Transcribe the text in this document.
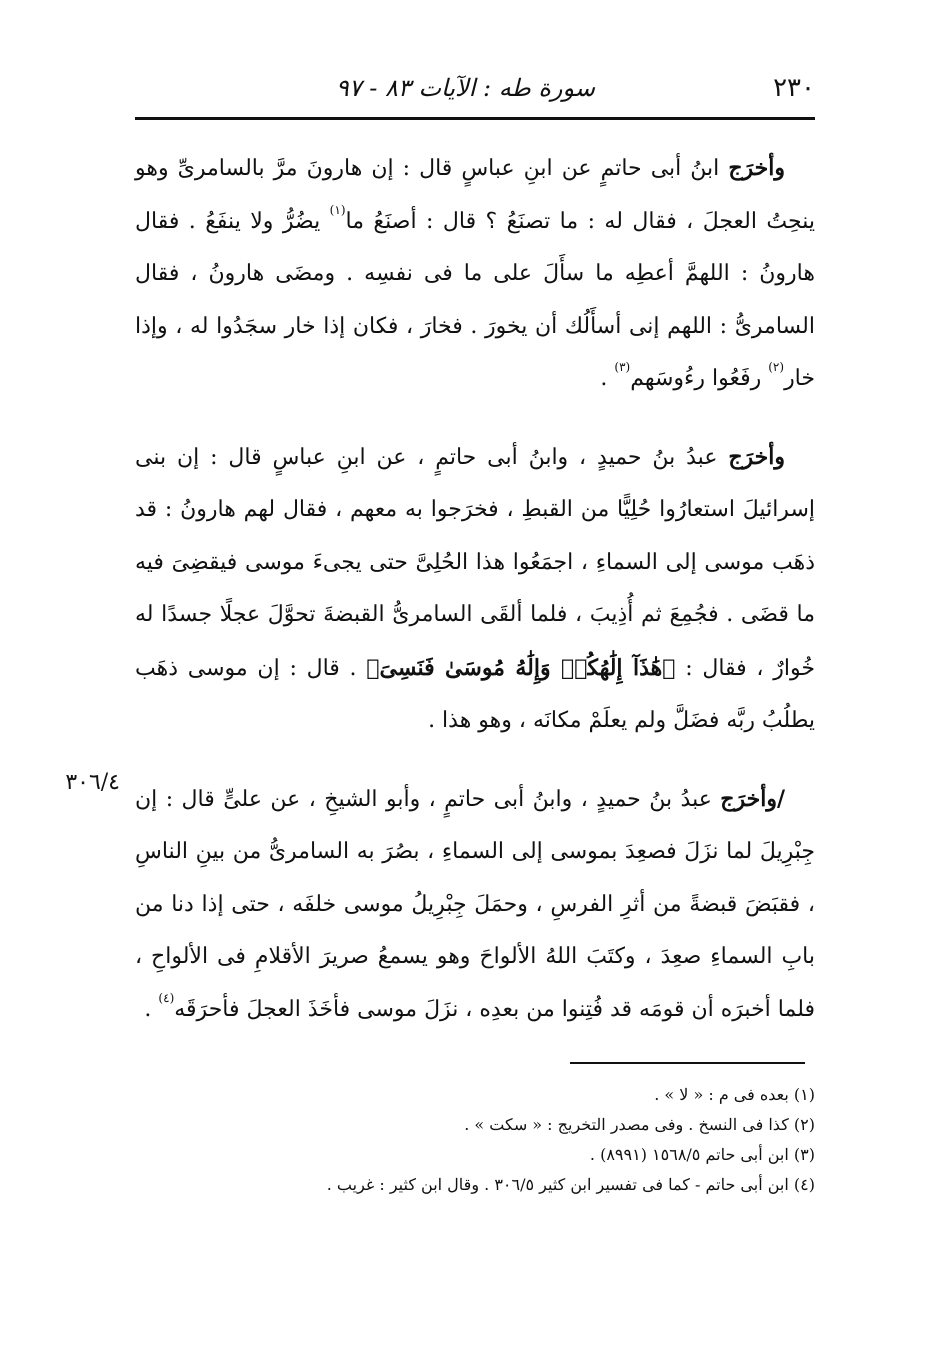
٢٣٠
سورة طه : الآيات ٨٣ - ٩٧

وأخرَج ابنُ أبى حاتمٍ عن ابنِ عباسٍ قال : إن هارونَ مرَّ بالسامرىِّ وهو ينحِتُ العجلَ ، فقال له : ما تصنَعُ ؟ قال : أصنَعُ ما$^{(١)}$ يضُرُّ ولا ينفَعُ . فقال هارونُ : اللهمَّ أعطِه ما سأَلَ على ما فى نفسِه . ومضَى هارونُ ، فقال السامرىُّ : اللهم إنى أسأَلُك أن يخورَ . فخارَ ، فكان إذا خار سجَدُوا له ، وإذا خار$^{(٢)}$ رفَعُوا رءُوسَهم$^{(٣)}$ .

وأخرَج عبدُ بنُ حميدٍ ، وابنُ أبى حاتمٍ ، عن ابنِ عباسٍ قال : إن بنى إسرائيلَ استعارُوا حُلِيًّا من القبطِ ، فخرَجوا به معهم ، فقال لهم هارونُ : قد ذهَب موسى إلى السماءِ ، اجمَعُوا هذا الحُلِىَّ حتى يجىءَ موسى فيقضِىَ فيه ما قضَى . فجُمِعَ ثم أُذِيبَ ، فلما ألقَى السامرىُّ القبضةَ تحوَّلَ عجلًا جسدًا له خُوارٌ ، فقال : ﴿هَٰذَآ إِلَٰهُكُمۡ وَإِلَٰهُ مُوسَىٰ فَنَسِىَ﴾ . قال : إن موسى ذهَب يطلُبُ ربَّه فضَلَّ ولم يعلَمْ مكانَه ، وهو هذا .

/وأخرَج عبدُ بنُ حميدٍ ، وابنُ أبى حاتمٍ ، وأبو الشيخِ ، عن علىٍّ قال : إن جِبْرِيلَ لما نزَلَ فصعِدَ بموسى إلى السماءِ ، بصُرَ به السامرىُّ من بينِ الناسِ ، فقبَضَ قبضةً من أثرِ الفرسِ ، وحمَلَ جِبْرِيلُ موسى خلفَه ، حتى إذا دنا من بابِ السماءِ صعِدَ ، وكتَبَ اللهُ الألواحَ وهو يسمعُ صريرَ الأقلامِ فى الألواحِ ، فلما أخبرَه أن قومَه قد فُتِنوا من بعدِه ، نزَلَ موسى فأخَذَ العجلَ فأحرَقَه$^{(٤)}$ .

٣٠٦/٤

(١) بعده فى م : « لا » .

(٢) كذا فى النسخ . وفى مصدر التخريج : « سكت » .

(٣) ابن أبى حاتم ١٥٦٨/٥ (٨٩٩١) .

(٤) ابن أبى حاتم - كما فى تفسير ابن كثير ٣٠٦/٥ . وقال ابن كثير : غريب .
